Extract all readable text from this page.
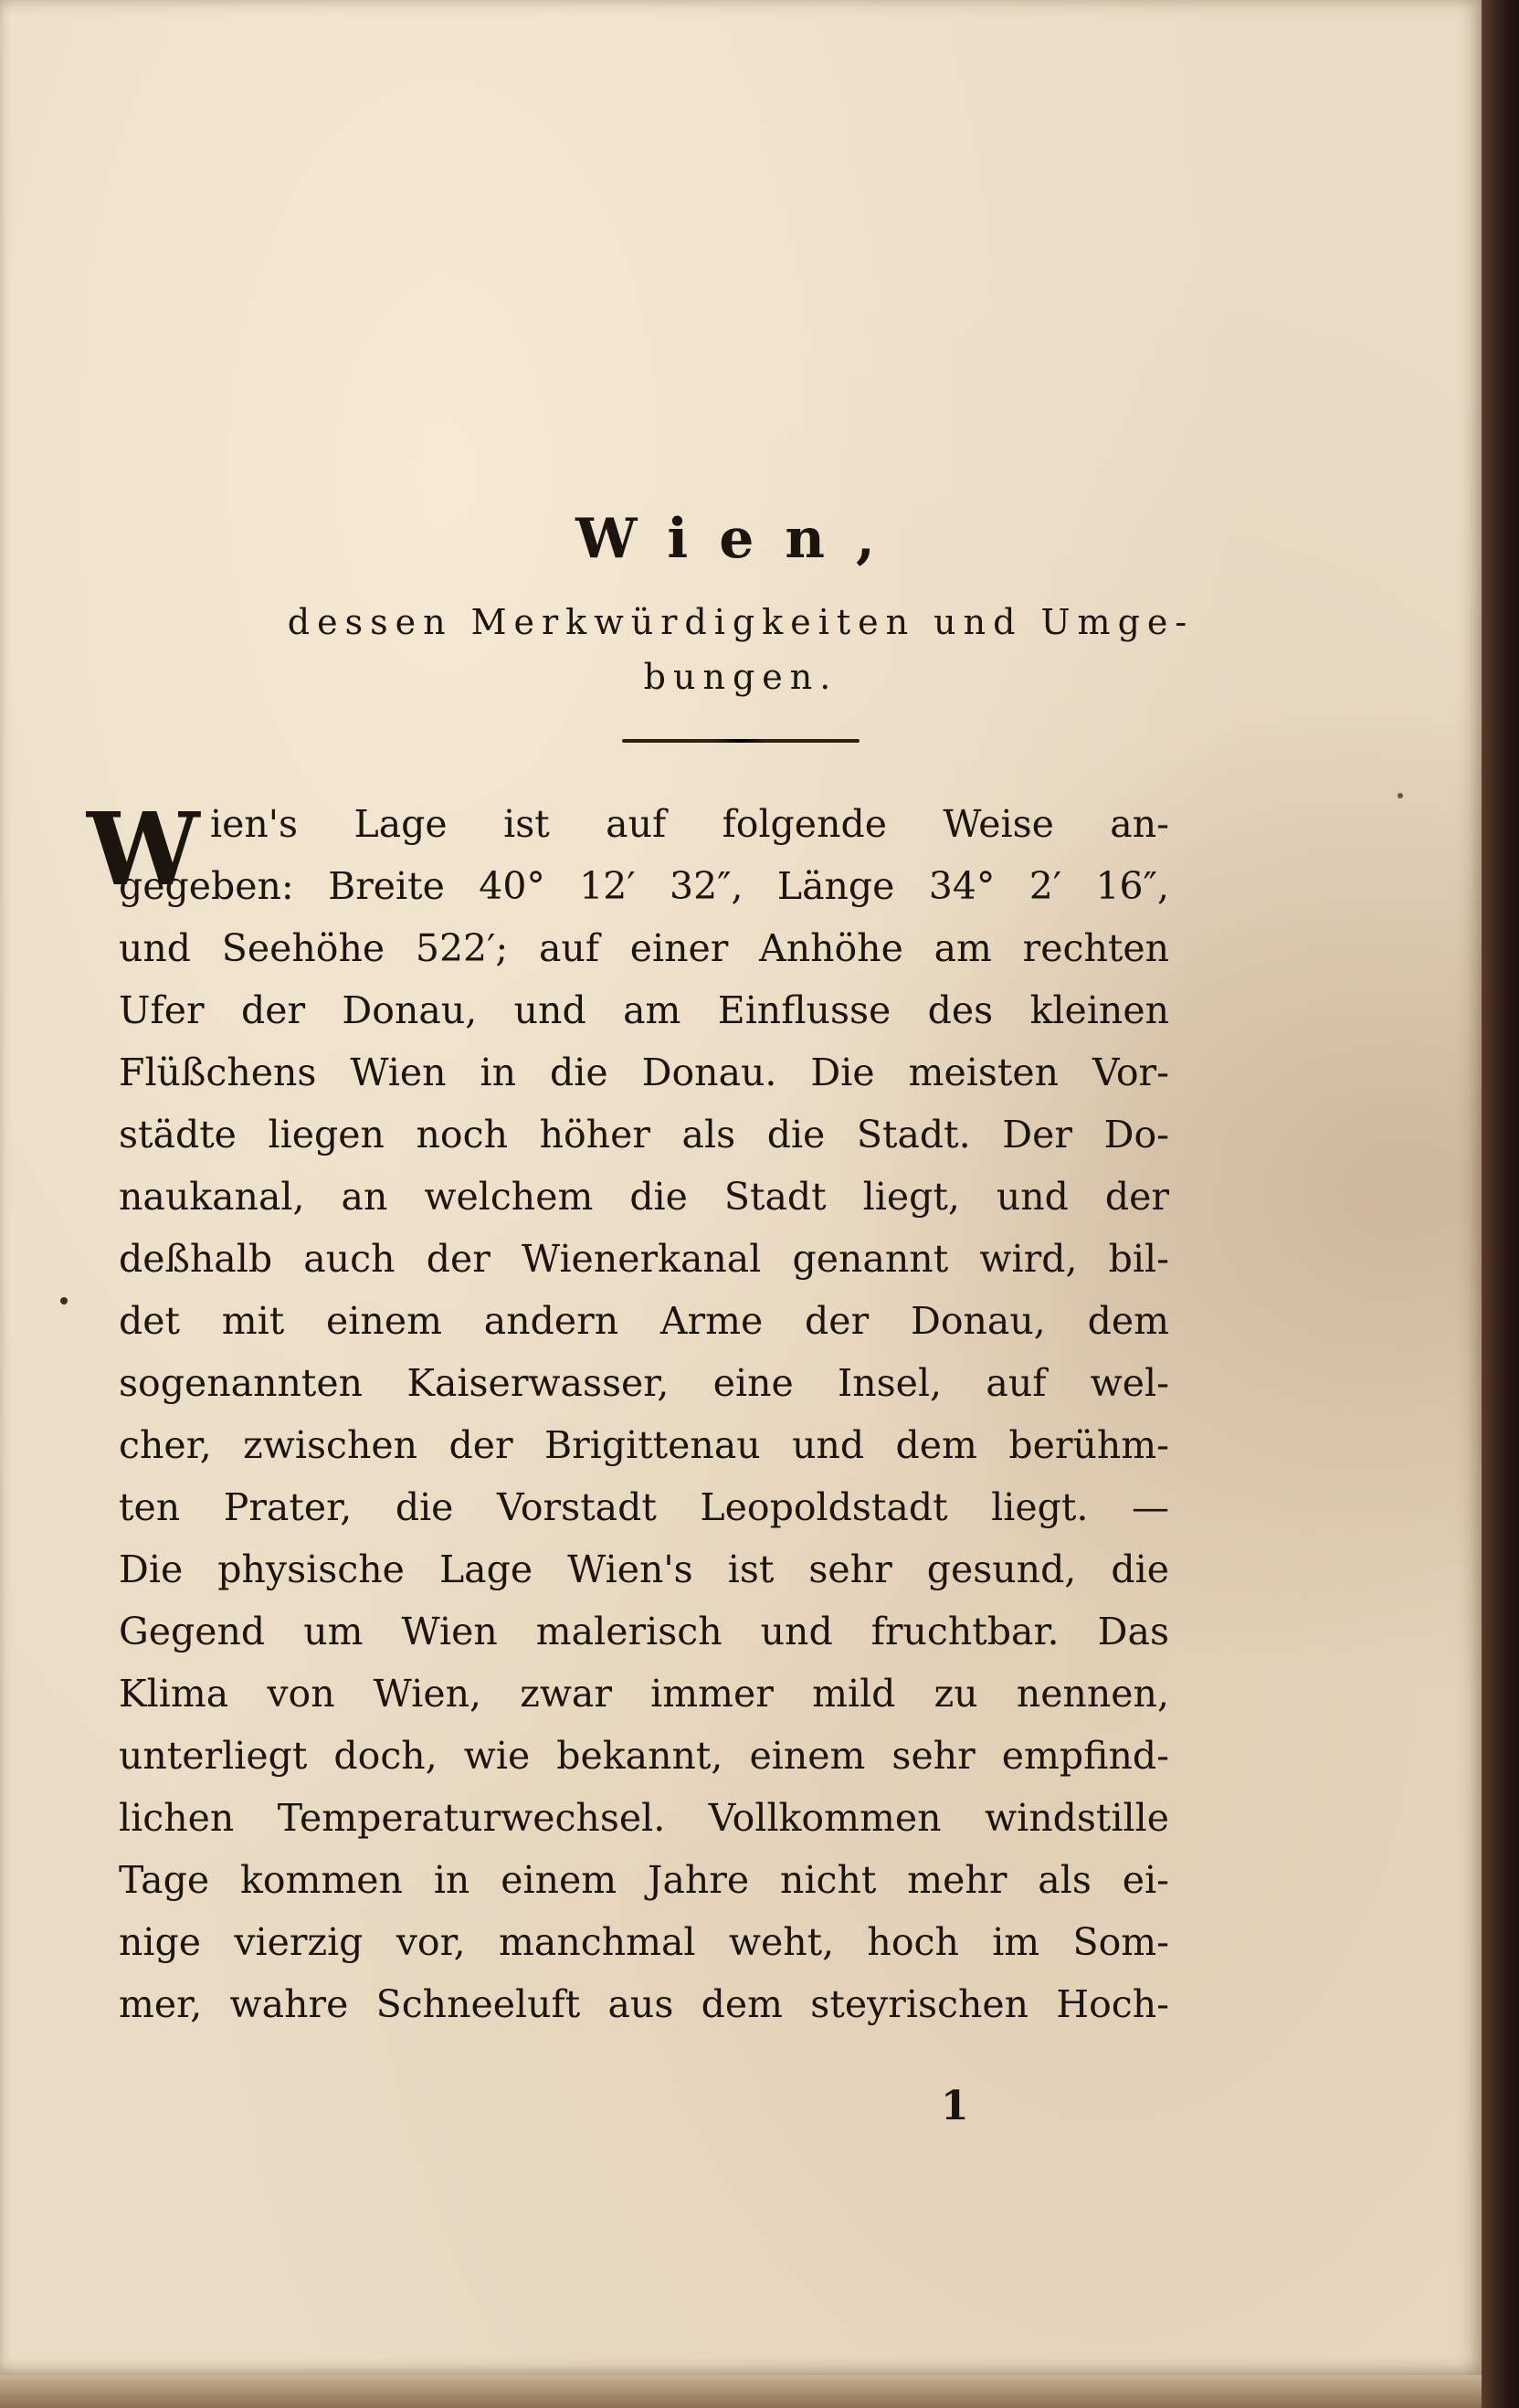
Wien,

dessen Merkwürdigkeiten und Umge-

bungen.

W ien's Lage ist auf folgende Weise an-
gegeben: Breite 40° 12′ 32″, Länge 34° 2′ 16″,
und Seehöhe 522′; auf einer Anhöhe am rechten
Ufer der Donau, und am Einflusse des kleinen
Flüßchens Wien in die Donau. Die meisten Vor-
städte liegen noch höher als die Stadt. Der Do-
naukanal, an welchem die Stadt liegt, und der
deßhalb auch der Wienerkanal genannt wird, bil-
det mit einem andern Arme der Donau, dem
sogenannten Kaiserwasser, eine Insel, auf wel-
cher, zwischen der Brigittenau und dem berühm-
ten Prater, die Vorstadt Leopoldstadt liegt. —
Die physische Lage Wien's ist sehr gesund, die
Gegend um Wien malerisch und fruchtbar. Das
Klima von Wien, zwar immer mild zu nennen,
unterliegt doch, wie bekannt, einem sehr empfind-
lichen Temperaturwechsel. Vollkommen windstille
Tage kommen in einem Jahre nicht mehr als ei-
nige vierzig vor, manchmal weht, hoch im Som-
mer, wahre Schneeluft aus dem steyrischen Hoch-
1
